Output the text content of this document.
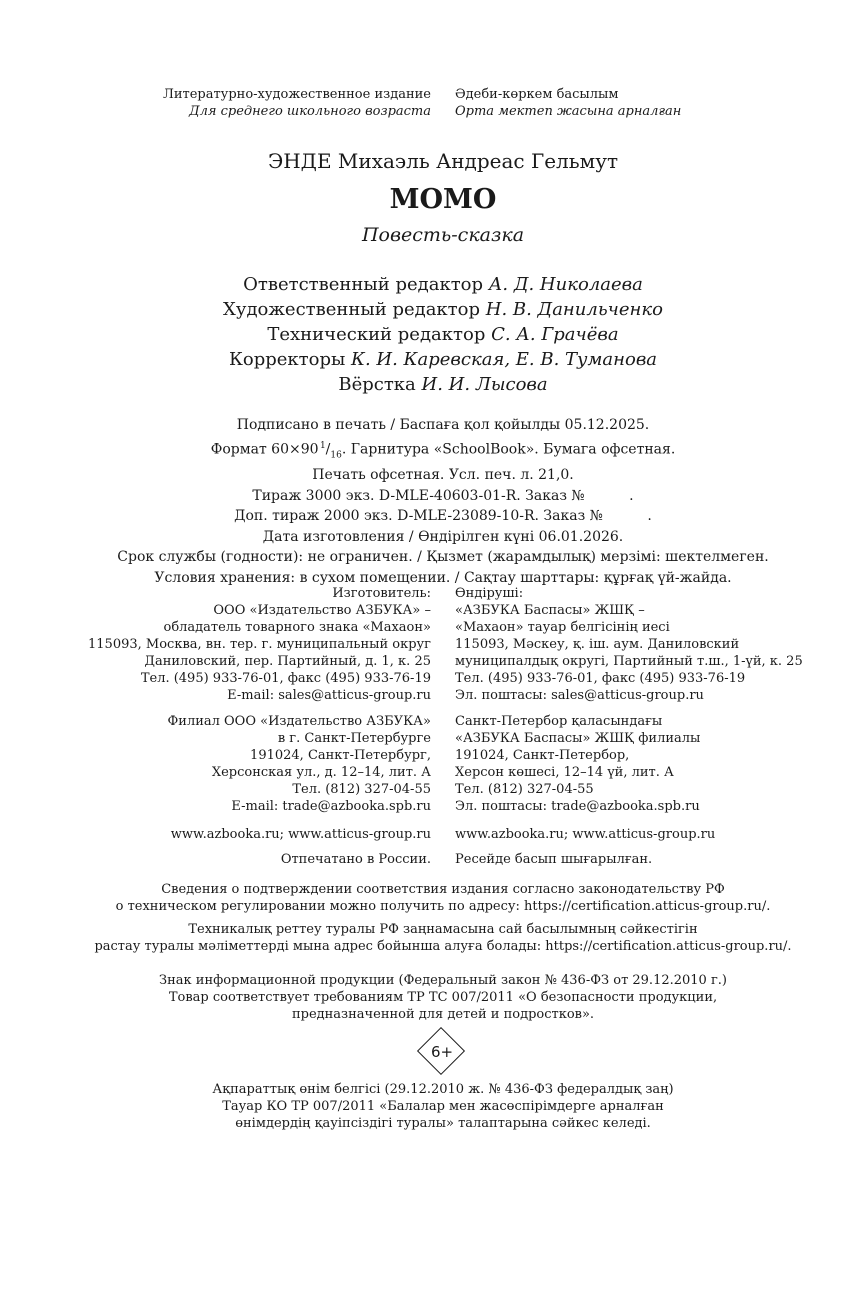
Литературно-художественное издание
Для среднего школьного возраста
Әдеби-көркем басылым
Орта мектеп жасына арналған
ЭНДЕ Михаэль Андреас Гельмут
МОМО
Повесть-сказка
Ответственный редактор А. Д. Николаева
Художественный редактор Н. В. Данильченко
Технический редактор С. А. Грачёва
Корректоры К. И. Каревская, Е. В. Туманова
Вёрстка И. И. Лысова
Подписано в печать / Баспаға қол қойылды 05.12.2025.
Формат 60×90 $^1/_{16}$. Гарнитура «SchoolBook». Бумага офсетная.
Печать офсетная. Усл. печ. л. 21,0.
Тираж 3000 экз. D-MLE-40603-01-R. Заказ №          .
Доп. тираж 2000 экз. D-MLE-23089-10-R. Заказ №          .
Дата изготовления / Өндірілген күні 06.01.2026.
Срок службы (годности): не ограничен. / Қызмет (жарамдылық) мерзімі: шектелмеген.
Условия хранения: в сухом помещении. / Сақтау шарттары: құрғақ үй-жайда.
Изготовитель:
ООО «Издательство АЗБУКА» –
обладатель товарного знака «Махаон»
115093, Москва, вн. тер. г. муниципальный округ
Даниловский, пер. Партийный, д. 1, к. 25
Тел. (495) 933-76-01, факс (495) 933-76-19
E-mail: sales@atticus-group.ru
Өндіруші:
«АЗБУКА Баспасы» ЖШҚ –
«Махаон» тауар белгісінің иесі
115093, Мәскеу, қ. іш. аум. Даниловский
муниципалдық округі, Партийный т.ш., 1-үй, к. 25
Тел. (495) 933-76-01, факс (495) 933-76-19
Эл. поштасы: sales@atticus-group.ru
Филиал ООО «Издательство АЗБУКА»
в г. Санкт-Петербурге
191024, Санкт-Петербург,
Херсонская ул., д. 12–14, лит. А
Тел. (812) 327-04-55
E-mail: trade@azbooka.spb.ru
Санкт-Петербор қаласындағы
«АЗБУКА Баспасы» ЖШҚ филиалы
191024, Санкт-Петербор,
Херсон көшесі, 12–14 үй, лит. А
Тел. (812) 327-04-55
Эл. поштасы: trade@azbooka.spb.ru
www.azbooka.ru; www.atticus-group.ru www.azbooka.ru; www.atticus-group.ru
Отпечатано в России. Ресейде басып шығарылған.
Сведения о подтверждении соответствия издания согласно законодательству РФ
о техническом регулировании можно получить по адресу: https://certification.atticus-group.ru/.
Техникалық реттеу туралы РФ заңнамасына сай басылымның сәйкестігін
растау туралы мәліметтерді мына адрес бойынша алуға болады: https://certification.atticus-group.ru/.
Знак информационной продукции (Федеральный закон № 436-ФЗ от 29.12.2010 г.)
Товар соответствует требованиям ТР ТС 007/2011 «О безопасности продукции,
предназначенной для детей и подростков».
6+
Ақпараттық өнім белгісі (29.12.2010 ж. № 436-ФЗ федералдық заң)
Тауар КО ТР 007/2011 «Балалар мен жасөспірімдерге арналған
өнімдердің қауіпсіздігі туралы» талаптарына сәйкес келеді.
